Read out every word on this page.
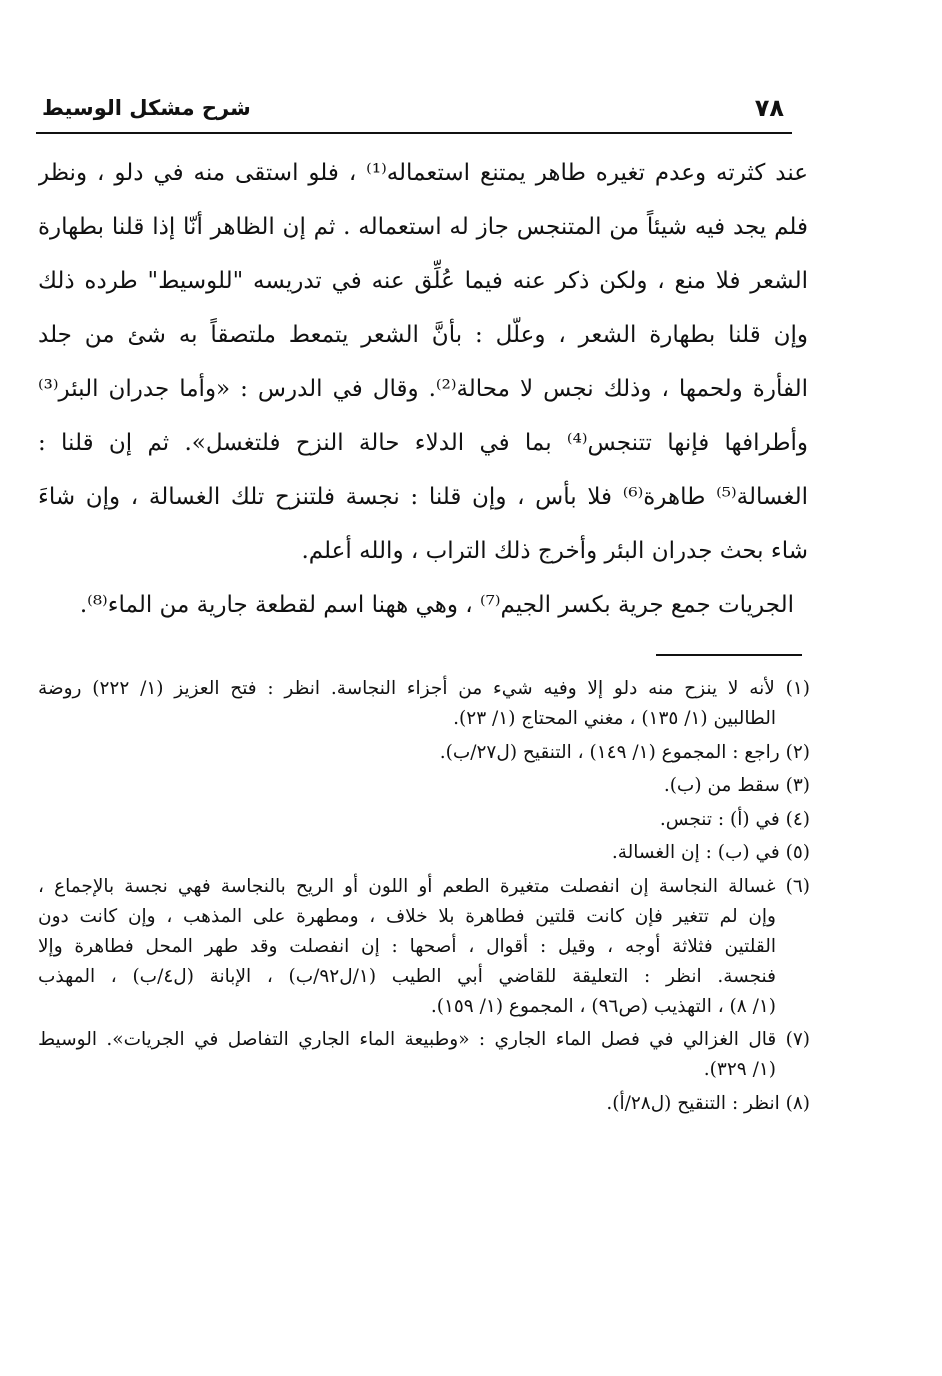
٧٨
شرح مشكل الوسيط
عند كثرته وعدم تغيره طاهر يمتنع استعماله⁽¹⁾ ، فلو استقى منه في دلو ، ونظر
فلم يجد فيه شيئاً من المتنجس جاز له استعماله . ثم إن الظاهر أنّا إذا قلنا بطهارة
الشعر فلا منع ، ولكن ذكر عنه فيما عُلِّق عنه في تدريسه "للوسيط" طرده ذلك
وإن قلنا بطهارة الشعر ، وعلّل : بأنَّ الشعر يتمعط ملتصقاً به شئ من جلد
الفأرة ولحمها ، وذلك نجس لا محالة⁽²⁾. وقال في الدرس : «وأما جدران البئر⁽³⁾
وأطرافها فإنها تتنجس⁽⁴⁾ بما في الدلاء حالة النزح فلتغسل». ثم إن قلنا :
الغسالة⁽⁵⁾ طاهرة⁽⁶⁾ فلا بأس ، وإن قلنا : نجسة فلتنزح تلك الغسالة ، وإن شاءَ
شاء بحث جدران البئر وأخرج ذلك التراب ، والله أعلم.
الجريات جمع جرية بكسر الجيم⁽⁷⁾ ، وهي ههنا اسم لقطعة جارية من الماء⁽⁸⁾.
(١) لأنه لا ينزح منه دلو إلا وفيه شيء من أجزاء النجاسة. انظر : فتح العزيز (١/ ٢٢٢) روضة
الطالبين (١/ ١٣٥) ، مغني المحتاج (١/ ٢٣).
(٢) راجع : المجموع (١/ ١٤٩) ، التنقيح (ل٢٧/ب).
(٣) سقط من (ب).
(٤) في (أ) : تنجس.
(٥) في (ب) : إن الغسالة.
(٦) غسالة النجاسة إن انفصلت متغيرة الطعم أو اللون أو الريح بالنجاسة فهي نجسة بالإجماع ،
وإن لم تتغير فإن كانت قلتين فطاهرة بلا خلاف ، ومطهرة على المذهب ، وإن كانت دون
القلتين فثلاثة أوجه ، وقيل : أقوال ، أصحها : إن انفصلت وقد طهر المحل فطاهرة وإلا
فنجسة. انظر : التعليقة للقاضي أبي الطيب (١/ل٩٢/ب) ، الإبانة (ل٤/ب) ، المهذب
(١/ ٨) ، التهذيب (ص٩٦) ، المجموع (١/ ١٥٩).
(٧) قال الغزالي في فصل الماء الجاري : «وطبيعة الماء الجاري التفاصل في الجريات». الوسيط
(١/ ٣٢٩).
(٨) انظر : التنقيح (ل٢٨/أ).
